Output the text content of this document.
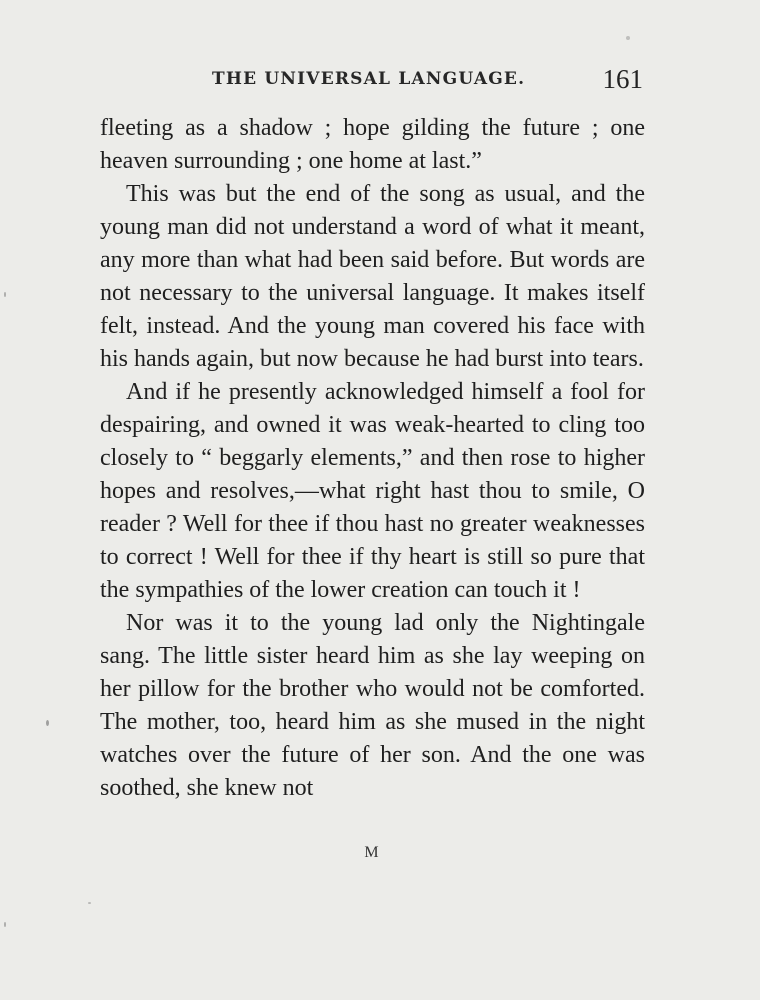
THE UNIVERSAL LANGUAGE.	161

fleeting as a shadow ; hope gilding the future ; one heaven surrounding ; one home at last.”

This was but the end of the song as usual, and the young man did not understand a word of what it meant, any more than what had been said before. But words are not necessary to the universal language. It makes itself felt, instead. And the young man covered his face with his hands again, but now because he had burst into tears.

And if he presently acknowledged himself a fool for despairing, and owned it was weak-hearted to cling too closely to “ beggarly elements,” and then rose to higher hopes and resolves,—what right hast thou to smile, O reader ? Well for thee if thou hast no greater weaknesses to correct ! Well for thee if thy heart is still so pure that the sympathies of the lower creation can touch it !

Nor was it to the young lad only the Nightingale sang. The little sister heard him as she lay weeping on her pillow for the brother who would not be comforted. The mother, too, heard him as she mused in the night watches over the future of her son. And the one was soothed, she knew not

M
